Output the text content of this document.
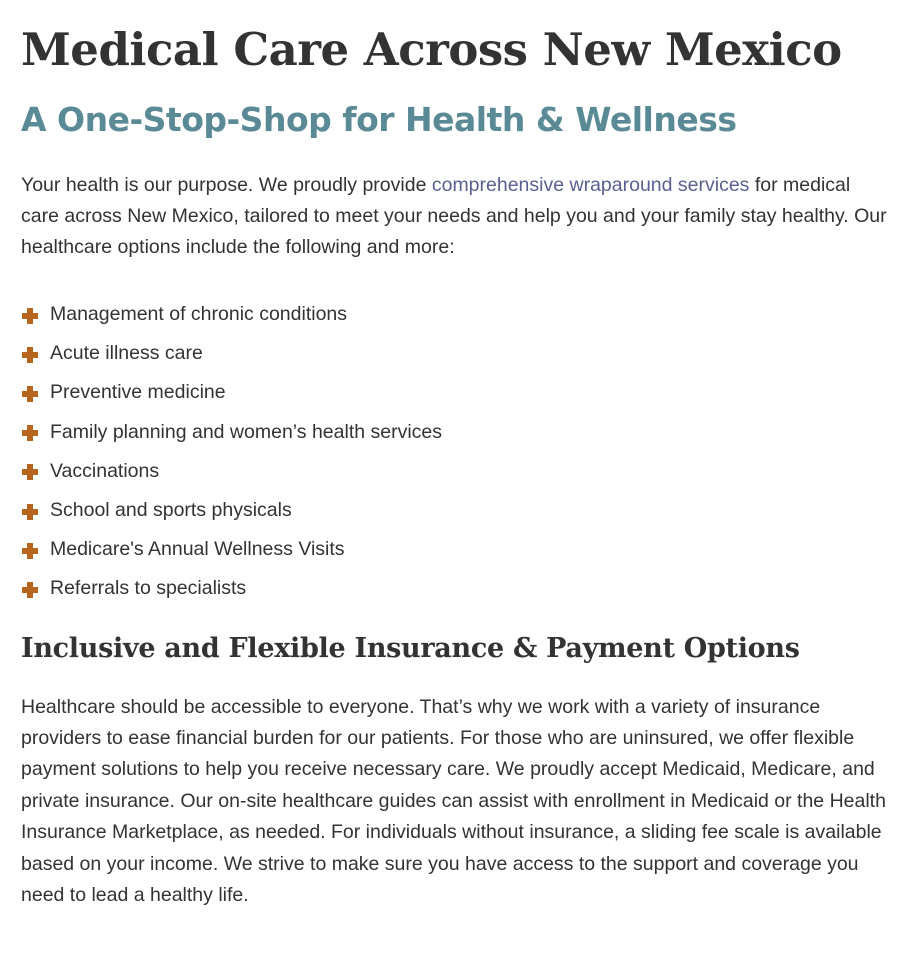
Medical Care Across New Mexico
A One-Stop-Shop for Health & Wellness

Your health is our purpose. We proudly provide comprehensive wraparound services for medical care across New Mexico, tailored to meet your needs and help you and your family stay healthy. Our healthcare options include the following and more:

Management of chronic conditions
Acute illness care
Preventive medicine
Family planning and women’s health services
Vaccinations
School and sports physicals
Medicare's Annual Wellness Visits
Referrals to specialists
Inclusive and Flexible Insurance & Payment Options

Healthcare should be accessible to everyone. That’s why we work with a variety of insurance providers to ease financial burden for our patients. For those who are uninsured, we offer flexible payment solutions to help you receive necessary care. We proudly accept Medicaid, Medicare, and private insurance. Our on-site healthcare guides can assist with enrollment in Medicaid or the Health Insurance Marketplace, as needed. For individuals without insurance, a sliding fee scale is available based on your income. We strive to make sure you have access to the support and coverage you need to lead a healthy life.
